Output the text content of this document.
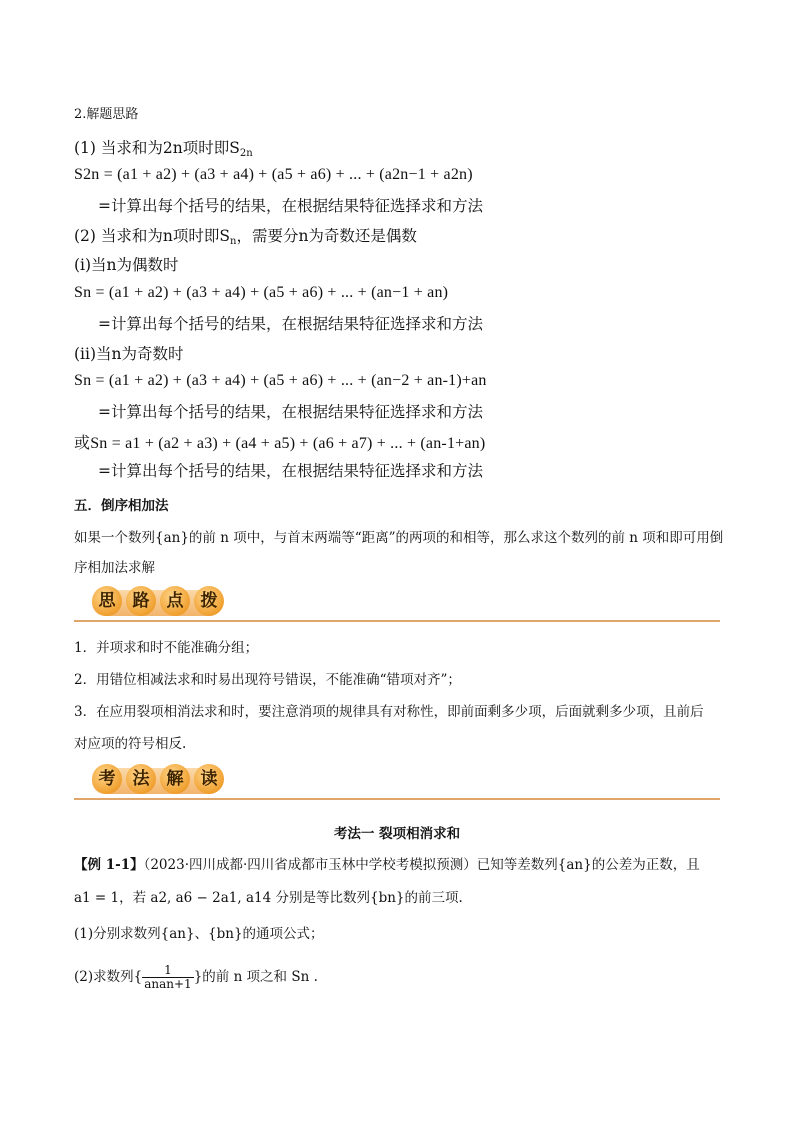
2.解题思路
(1) 当求和为2n项时即$S_{2n}$
S2n = (a1 + a2) + (a3 + a4) + (a5 + a6) + ... + (a2n−1 + a2n)
=计算出每个括号的结果，在根据结果特征选择求和方法
(2) 当求和为n项时即$S_n$，需要分n为奇数还是偶数
(i)当n为偶数时
Sn = (a1 + a2) + (a3 + a4) + (a5 + a6) + ... + (an−1 + an)
=计算出每个括号的结果，在根据结果特征选择求和方法
(ii)当n为奇数时
Sn = (a1 + a2) + (a3 + a4) + (a5 + a6) + ... + (an−2 + an-1)+an
=计算出每个括号的结果，在根据结果特征选择求和方法
或Sn = a1 + (a2 + a3) + (a4 + a5) + (a6 + a7) + ... + (an-1+an)
=计算出每个括号的结果，在根据结果特征选择求和方法
五．倒序相加法
如果一个数列{an}的前 n 项中，与首末两端等“距离”的两项的和相等，那么求这个数列的前 n 项和即可用倒
序相加法求解
思	路	点	拨
1．并项求和时不能准确分组；
2．用错位相减法求和时易出现符号错误，不能准确“错项对齐”；
3．在应用裂项相消法求和时，要注意消项的规律具有对称性，即前面剩多少项，后面就剩多少项，且前后
对应项的符号相反.
考	法	解	读
考法一 裂项相消求和
【例 1-1】（2023·四川成都·四川省成都市玉林中学校考模拟预测）已知等差数列{an}的公差为正数，且
a1 = 1，若 a2, a6 − 2a1, a14 分别是等比数列{bn}的前三项.
(1)分别求数列{an}、{bn}的通项公式；
(2)求数列{ $\frac{1}{\text{anan+1}}$ }的前 n 项之和 Sn .
